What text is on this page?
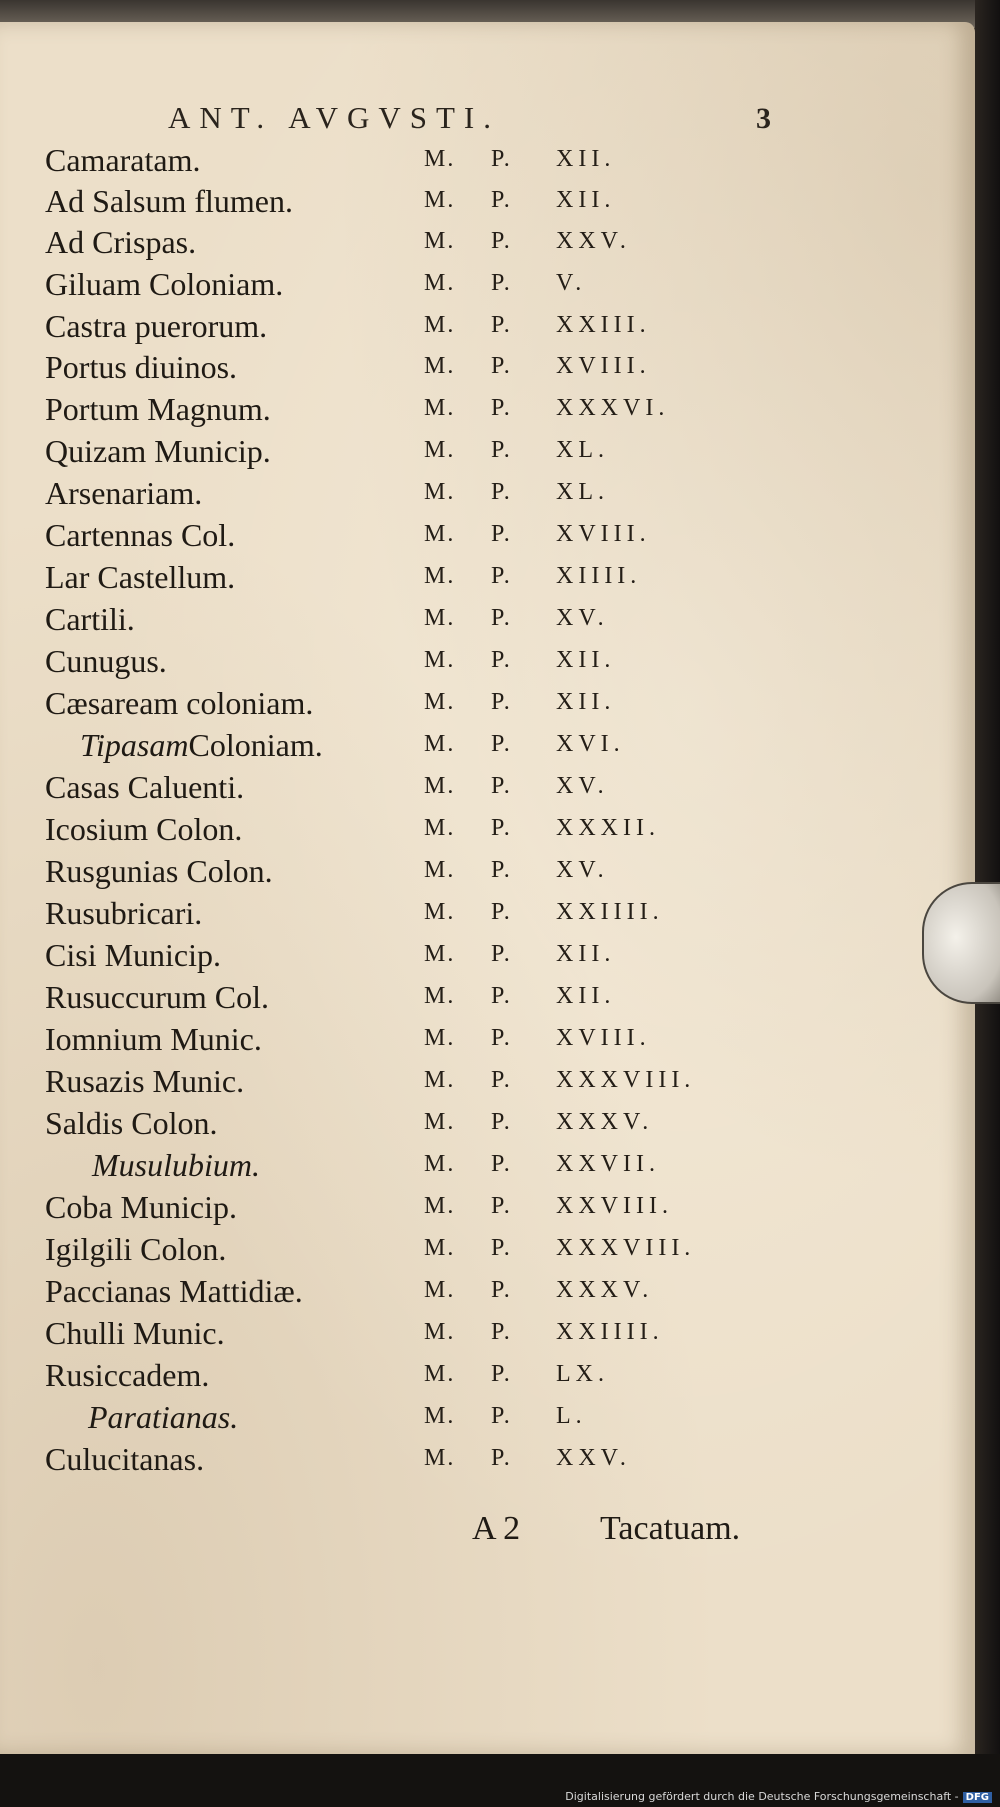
ANT. AVGVSTI.	3
Camaratam.	M. P. XII.
Ad Salsum flumen.	M. P. XII.
Ad Crispas.	M. P. XXV.
Giluam Coloniam.	M. P. V.
Castra puerorum.	M. P. XXIII.
Portus diuinos.	M. P. XVIII.
Portum Magnum.	M. P. XXXVI.
Quizam Municip.	M. P. XL.
Arsenariam.	M. P. XL.
Cartennas Col.	M. P. XVIII.
Lar Castellum.	M. P. XIIII.
Cartili.	M. P. XV.
Cunugus.	M. P. XII.
Cæsaream coloniam.	M. P. XII.
TipasamColoniam.	M. P. XVI.
Casas Caluenti.	M. P. XV.
Icosium Colon.	M. P. XXXII.
Rusgunias Colon.	M. P. XV.
Rusubricari.	M. P. XXIIII.
Cisi Municip.	M. P. XII.
Rusuccurum Col.	M. P. XII.
Iomnium Munic.	M. P. XVIII.
Rusazis Munic.	M. P. XXXVIII.
Saldis Colon.	M. P. XXXV.
Musulubium.	M. P. XXVII.
Coba Municip.	M. P. XXVIII.
Igilgili Colon.	M. P. XXXVIII.
Paccianas Mattidiæ.	M. P. XXXV.
Chulli Munic.	M. P. XXIIII.
Rusiccadem.	M. P. LX.
Paratianas.	M. P. L.
Culucitanas.	M. P. XXV.
A 2 Tacatuam.
Digitalisierung gefördert durch die Deutsche Forschungsgemeinschaft - DFG
